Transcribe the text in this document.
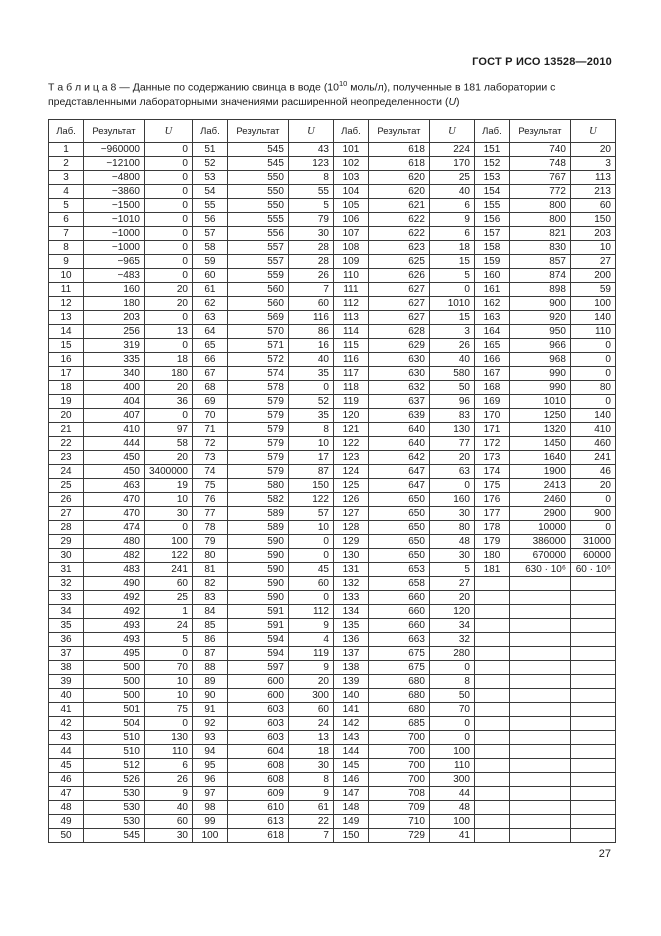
ГОСТ Р ИСО 13528—2010

Т а б л и ц а 8 — Данные по содержанию свинца в воде ($10^{10}$ моль/л), полученные в 181 лаборатории с представленными лабораторными значениями расширенной неопределенности (U)

Лаб.	Результат	U	Лаб.	Результат	U	Лаб.	Результат	U	Лаб.	Результат	U
1	−960000	0	51	545	43	101	618	224	151	740	20
2	−12100	0	52	545	123	102	618	170	152	748	3
3	−4800	0	53	550	8	103	620	25	153	767	113
4	−3860	0	54	550	55	104	620	40	154	772	213
5	−1500	0	55	550	5	105	621	6	155	800	60
6	−1010	0	56	555	79	106	622	9	156	800	150
7	−1000	0	57	556	30	107	622	6	157	821	203
8	−1000	0	58	557	28	108	623	18	158	830	10
9	−965	0	59	557	28	109	625	15	159	857	27
10	−483	0	60	559	26	110	626	5	160	874	200
11	160	20	61	560	7	111	627	0	161	898	59
12	180	20	62	560	60	112	627	1010	162	900	100
13	203	0	63	569	116	113	627	15	163	920	140
14	256	13	64	570	86	114	628	3	164	950	110
15	319	0	65	571	16	115	629	26	165	966	0
16	335	18	66	572	40	116	630	40	166	968	0
17	340	180	67	574	35	117	630	580	167	990	0
18	400	20	68	578	0	118	632	50	168	990	80
19	404	36	69	579	52	119	637	96	169	1010	0
20	407	0	70	579	35	120	639	83	170	1250	140
21	410	97	71	579	8	121	640	130	171	1320	410
22	444	58	72	579	10	122	640	77	172	1450	460
23	450	20	73	579	17	123	642	20	173	1640	241
24	450	3400000	74	579	87	124	647	63	174	1900	46
25	463	19	75	580	150	125	647	0	175	2413	20
26	470	10	76	582	122	126	650	160	176	2460	0
27	470	30	77	589	57	127	650	30	177	2900	900
28	474	0	78	589	10	128	650	80	178	10000	0
29	480	100	79	590	0	129	650	48	179	386000	31000
30	482	122	80	590	0	130	650	30	180	670000	60000
31	483	241	81	590	45	131	653	5	181	630 · 10⁶	60 · 10⁶
32	490	60	82	590	60	132	658	27			
33	492	25	83	590	0	133	660	20			
34	492	1	84	591	112	134	660	120			
35	493	24	85	591	9	135	660	34			
36	493	5	86	594	4	136	663	32			
37	495	0	87	594	119	137	675	280			
38	500	70	88	597	9	138	675	0			
39	500	10	89	600	20	139	680	8			
40	500	10	90	600	300	140	680	50			
41	501	75	91	603	60	141	680	70			
42	504	0	92	603	24	142	685	0			
43	510	130	93	603	13	143	700	0			
44	510	110	94	604	18	144	700	100			
45	512	6	95	608	30	145	700	110			
46	526	26	96	608	8	146	700	300			
47	530	9	97	609	9	147	708	44			
48	530	40	98	610	61	148	709	48			
49	530	60	99	613	22	149	710	100			
50	545	30	100	618	7	150	729	41			
27
